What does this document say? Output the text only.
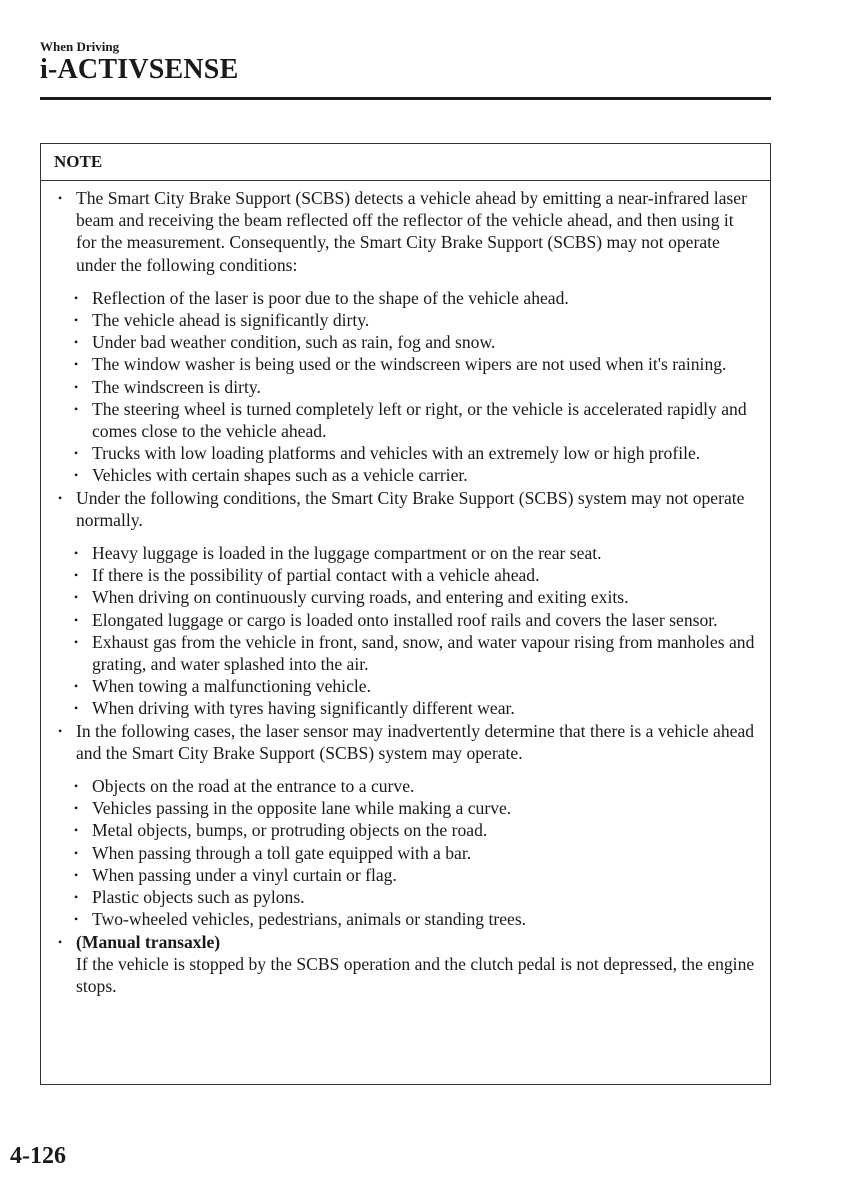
When Driving
i-ACTIVSENSE
NOTE
• The Smart City Brake Support (SCBS) detects a vehicle ahead by emitting a near-infrared laser beam and receiving the beam reflected off the reflector of the vehicle ahead, and then using it for the measurement. Consequently, the Smart City Brake Support (SCBS) may not operate under the following conditions:
• Reflection of the laser is poor due to the shape of the vehicle ahead.
• The vehicle ahead is significantly dirty.
• Under bad weather condition, such as rain, fog and snow.
• The window washer is being used or the windscreen wipers are not used when it's raining.
• The windscreen is dirty.
• The steering wheel is turned completely left or right, or the vehicle is accelerated rapidly and comes close to the vehicle ahead.
• Trucks with low loading platforms and vehicles with an extremely low or high profile.
• Vehicles with certain shapes such as a vehicle carrier.
• Under the following conditions, the Smart City Brake Support (SCBS) system may not operate normally.
• Heavy luggage is loaded in the luggage compartment or on the rear seat.
• If there is the possibility of partial contact with a vehicle ahead.
• When driving on continuously curving roads, and entering and exiting exits.
• Elongated luggage or cargo is loaded onto installed roof rails and covers the laser sensor.
• Exhaust gas from the vehicle in front, sand, snow, and water vapour rising from manholes and grating, and water splashed into the air.
• When towing a malfunctioning vehicle.
• When driving with tyres having significantly different wear.
• In the following cases, the laser sensor may inadvertently determine that there is a vehicle ahead and the Smart City Brake Support (SCBS) system may operate.
• Objects on the road at the entrance to a curve.
• Vehicles passing in the opposite lane while making a curve.
• Metal objects, bumps, or protruding objects on the road.
• When passing through a toll gate equipped with a bar.
• When passing under a vinyl curtain or flag.
• Plastic objects such as pylons.
• Two-wheeled vehicles, pedestrians, animals or standing trees.
• (Manual transaxle)
If the vehicle is stopped by the SCBS operation and the clutch pedal is not depressed, the engine stops.
4-126
